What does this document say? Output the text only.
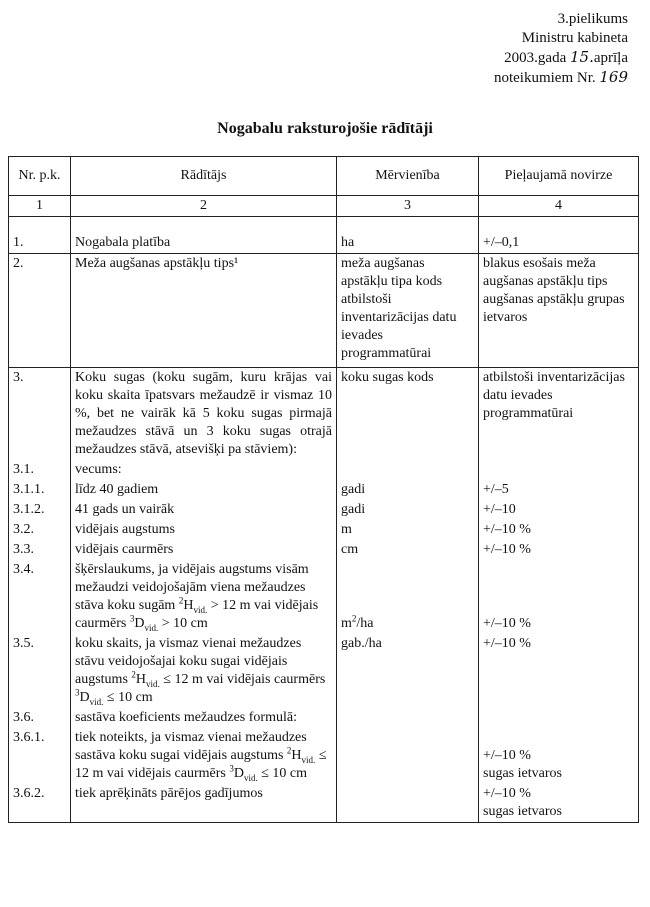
3.pielikums
Ministru kabineta
2003.gada 15.aprīļa
noteikumiem Nr. 169
Nogabalu raksturojošie rādītāji
Nr. p.k.	Rādītājs	Mērvienība	Pieļaujamā novirze
1	2	3	4

1.	Nogabala platība	ha	+/–0,1
2.	Meža augšanas apstākļu tips¹	meža augšanas apstākļu tipa kods atbilstoši inventarizācijas datu ievades programmatūrai	blakus esošais meža augšanas apstākļu tips augšanas apstākļu grupas ietvaros
3.	Koku sugas (koku sugām, kuru krājas vai koku skaita īpatsvars mežaudzē ir vismaz 10 %, bet ne vairāk kā 5 koku sugas pirmajā mežaudzes stāvā un 3 koku sugas otrajā mežaudzes stāvā, atsevišķi pa stāviem):	koku sugas kods	atbilstoši inventarizācijas datu ievades programmatūrai
3.1.	vecums:		
3.1.1.	līdz 40 gadiem	gadi	+/–5
3.1.2.	41 gads un vairāk	gadi	+/–10
3.2.	vidējais augstums	m	+/–10 %
3.3.	vidējais caurmērs	cm	+/–10 %
3.4.	šķērslaukums, ja vidējais augstums visām mežaudzi veidojošajām viena mežaudzes stāva koku sugām $^2H_{vid.} > 12$ m vai vidējais caurmērs $^3D_{vid.} > 10$ cm	$m^2/ha$	+/–10 %
3.5.	koku skaits, ja vismaz vienai mežaudzes stāvu veidojošajai koku sugai vidējais augstums $^2H_{vid.} \le 12$ m vai vidējais caurmērs $^3D_{vid.} \le 10$ cm	gab./ha	+/–10 %
3.6.	sastāva koeficients mežaudzes formulā:		
3.6.1.	tiek noteikts, ja vismaz vienai mežaudzes sastāva koku sugai vidējais augstums $^2H_{vid.} \le 12$ m vai vidējais caurmērs $^3D_{vid.} \le 10$ cm		+/–10 %
sugas ietvaros

3.6.2.	tiek aprēķināts pārējos gadījumos		+/–10 %
sugas ietvaros
